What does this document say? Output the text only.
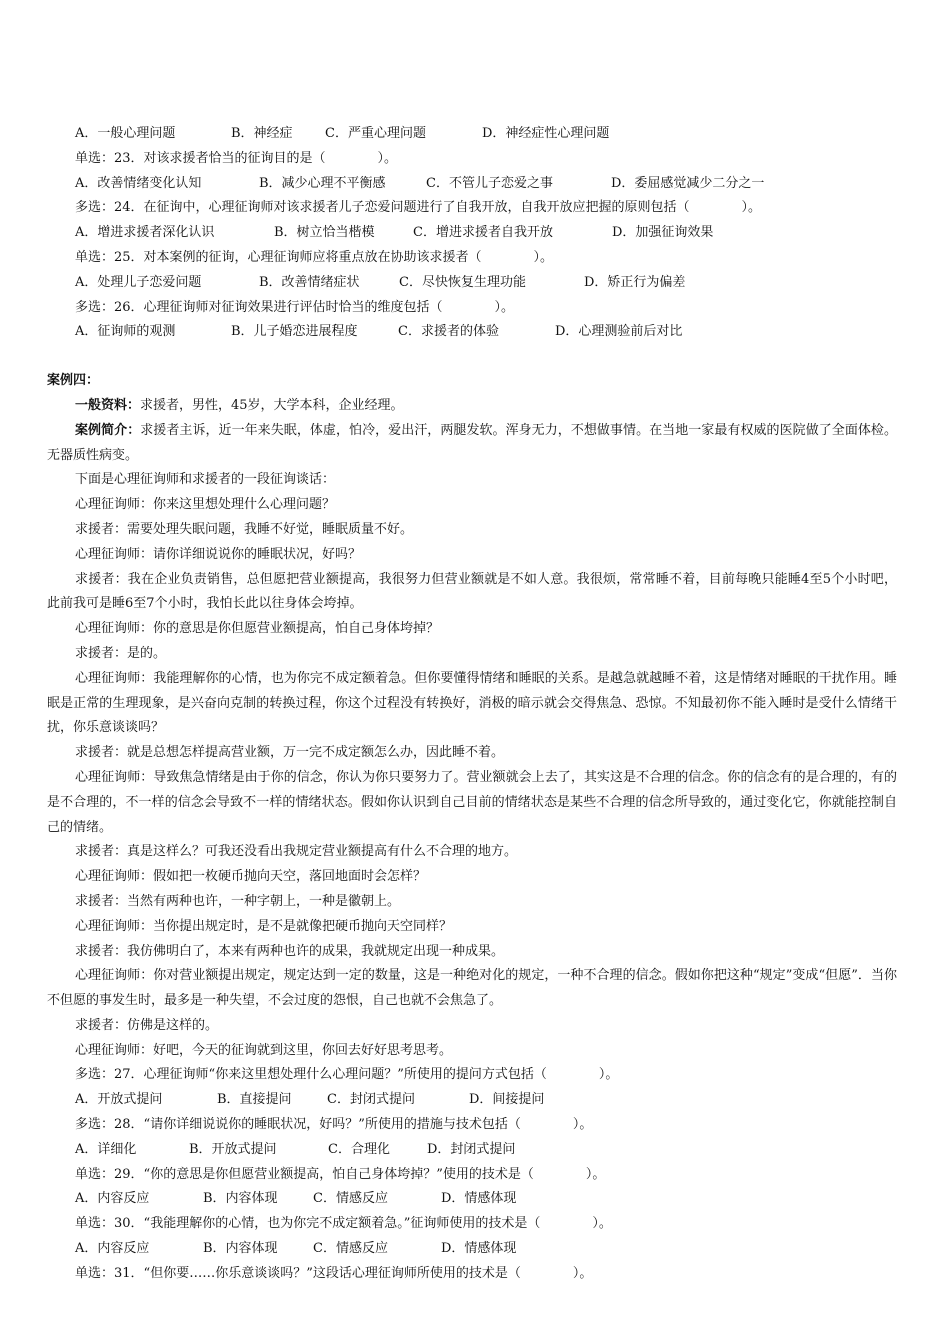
A．一般心理问题	B．神经症 C．严重心理问题	D．神经症性心理问题
单选：23．对该求援者恰当的征询目的是（　　　　）。
A．改善情绪变化认知	B．减少心理不平衡感	C．不管儿子恋爱之事	D．委屈感觉减少二分之一
多选：24．在征询中，心理征询师对该求援者儿子恋爱问题进行了自我开放，自我开放应把握的原则包括（　　　　）。
A．增进求援者深化认识	B．树立恰当楷模	C．增进求援者自我开放	D．加强征询效果
单选：25．对本案例的征询，心理征询师应将重点放在协助该求援者（　　　　）。
A．处理儿子恋爱问题	B．改善情绪症状	C．尽快恢复生理功能	D．矫正行为偏差
多选：26．心理征询师对征询效果进行评估时恰当的维度包括（　　　　）。
A．征询师的观测	B．儿子婚恋进展程度	C．求援者的体验	D．心理测验前后对比
案例四：
一般资料：求援者，男性，45岁，大学本科，企业经理。
案例简介：求援者主诉，近一年来失眠，体虚，怕冷，爱出汗，两腿发软。浑身无力，不想做事情。在当地一家最有权威的医院做了全面体检。无器质性病变。
下面是心理征询师和求援者的一段征询谈话：
心理征询师：你来这里想处理什么心理问题？
求援者：需要处理失眠问题，我睡不好觉，睡眠质量不好。
心理征询师：请你详细说说你的睡眠状况，好吗？
求援者：我在企业负责销售，总但愿把营业额提高，我很努力但营业额就是不如人意。我很烦，常常睡不着，目前每晚只能睡4至5个小时吧，此前我可是睡6至7个小时，我怕长此以往身体会垮掉。
心理征询师：你的意思是你但愿营业额提高，怕自己身体垮掉？
求援者：是的。
心理征询师：我能理解你的心情，也为你完不成定额着急。但你要懂得情绪和睡眠的关系。是越急就越睡不着，这是情绪对睡眠的干扰作用。睡眠是正常的生理现象，是兴奋向克制的转换过程，你这个过程没有转换好，消极的暗示就会交得焦急、恐惊。不知最初你不能入睡时是受什么情绪干扰，你乐意谈谈吗？
求援者：就是总想怎样提高营业额，万一完不成定额怎么办，因此睡不着。
心理征询师：导致焦急情绪是由于你的信念，你认为你只要努力了。营业额就会上去了，其实这是不合理的信念。你的信念有的是合理的，有的是不合理的，不一样的信念会导致不一样的情绪状态。假如你认识到自己目前的情绪状态是某些不合理的信念所导致的，通过变化它，你就能控制自己的情绪。
求援者：真是这样么？可我还没看出我规定营业额提高有什么不合理的地方。
心理征询师：假如把一枚硬币抛向天空，落回地面时会怎样？
求援者：当然有两种也许，一种字朝上，一种是徽朝上。
心理征询师：当你提出规定时，是不是就像把硬币抛向天空同样？
求援者：我仿佛明白了，本来有两种也许的成果，我就规定出现一种成果。
心理征询师：你对营业额提出规定，规定达到一定的数量，这是一种绝对化的规定，一种不合理的信念。假如你把这种“规定”变成“但愿”．当你不但愿的事发生时，最多是一种失望，不会过度的怨恨，自己也就不会焦急了。
求援者：仿佛是这样的。
心理征询师：好吧，今天的征询就到这里，你回去好好思考思考。
多选：27．心理征询师“你来这里想处理什么心理问题？”所使用的提问方式包括（　　　　）。
A．开放式提问	B．直接提问	C．封闭式提问	D．间接提问
多选：28．“请你详细说说你的睡眠状况，好吗？”所使用的措施与技术包括（　　　　）。
A．详细化	B．开放式提问	C．合理化	D．封闭式提问
单选：29．“你的意思是你但愿营业额提高，怕自己身体垮掉？”使用的技术是（　　　　）。
A．内容反应	B．内容体现	C．情感反应	D．情感体现
单选：30．“我能理解你的心情，也为你完不成定额着急。”征询师使用的技术是（　　　　）。
A．内容反应	B．内容体现	C．情感反应	D．情感体现
单选：31．“但你要……你乐意谈谈吗？”这段话心理征询师所使用的技术是（　　　　）。
